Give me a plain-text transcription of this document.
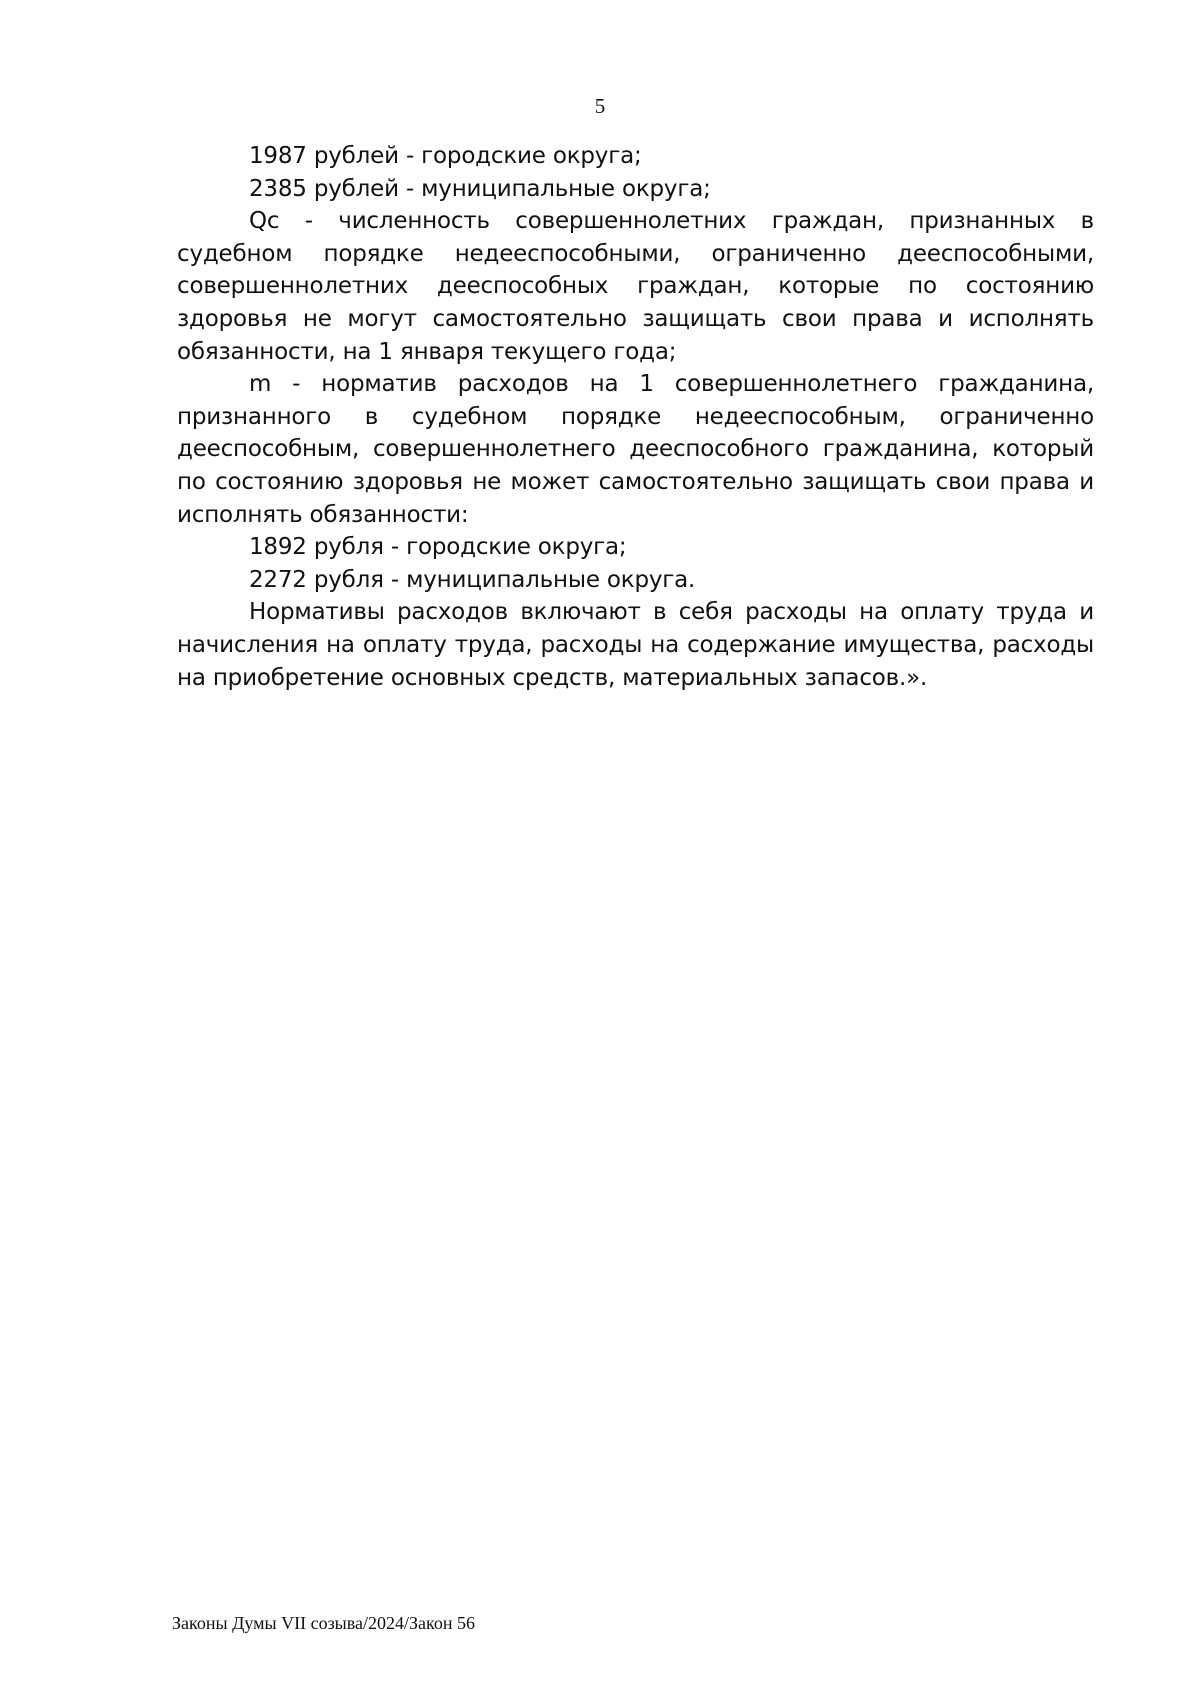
5

1987 рублей - городские округа;

2385 рублей - муниципальные округа;

Qс - численность совершеннолетних граждан, признанных в судебном порядке недееспособными, ограниченно дееспособными, совершеннолетних дееспособных граждан, которые по состоянию здоровья не могут самостоятельно защищать свои права и исполнять обязанности, на 1 января текущего года;

m - норматив расходов на 1 совершеннолетнего гражданина, признанного в судебном порядке недееспособным, ограниченно дееспособным, совершеннолетнего дееспособного гражданина, который по состоянию здоровья не может самостоятельно защищать свои права и исполнять обязанности:

1892 рубля - городские округа;

2272 рубля - муниципальные округа.

Нормативы расходов включают в себя расходы на оплату труда и начисления на оплату труда, расходы на содержание имущества, расходы на приобретение основных средств, материальных запасов.».

Законы Думы VII созыва/2024/Закон 56
